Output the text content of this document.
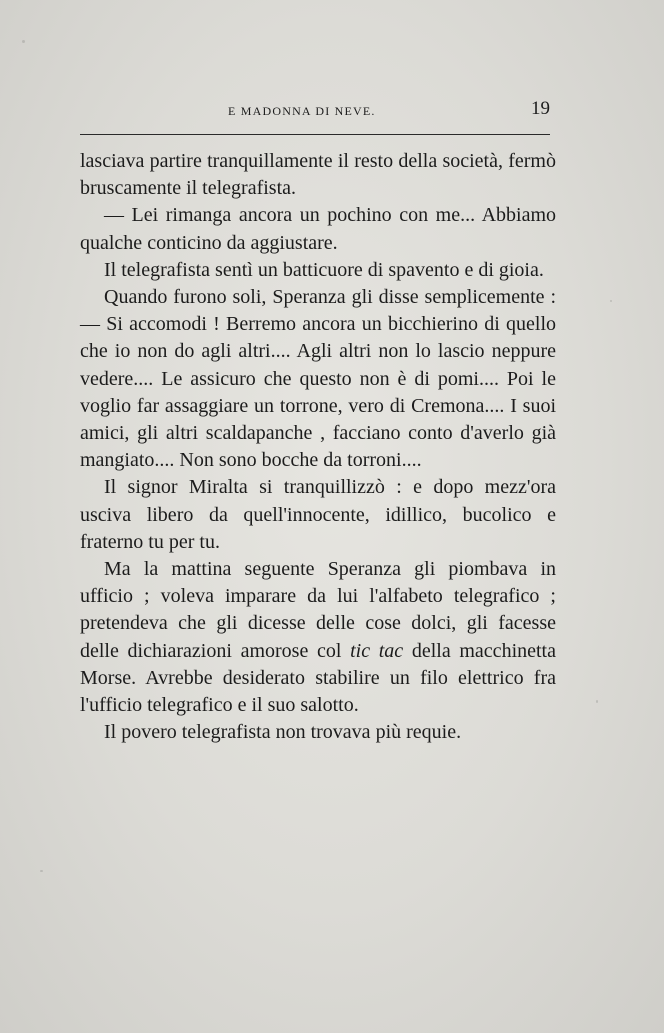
E MADONNA DI NEVE.	19

lasciava partire tranquillamente il resto della società, fermò bruscamente il telegrafista.

— Lei rimanga ancora un pochino con me... Abbiamo qualche conticino da aggiustare.

Il telegrafista sentì un batticuore di spavento e di gioia.

Quando furono soli, Speranza gli disse semplicemente : — Si accomodi ! Berremo ancora un bicchierino di quello che io non do agli altri.... Agli altri non lo lascio neppure vedere.... Le assicuro che questo non è di pomi.... Poi le voglio far assaggiare un torrone, vero di Cremona.... I suoi amici, gli altri scaldapanche , facciano conto d'averlo già mangiato.... Non sono bocche da torroni....

Il signor Miralta si tranquillizzò : e dopo mezz'ora usciva libero da quell'innocente, idillico, bucolico e fraterno tu per tu.

Ma la mattina seguente Speranza gli piombava in ufficio ; voleva imparare da lui l'alfabeto telegrafico ; pretendeva che gli dicesse delle cose dolci, gli facesse delle dichiarazioni amorose col tic tac della macchinetta Morse. Avrebbe desiderato stabilire un filo elettrico fra l'ufficio telegrafico e il suo salotto.

Il povero telegrafista non trovava più requie.
